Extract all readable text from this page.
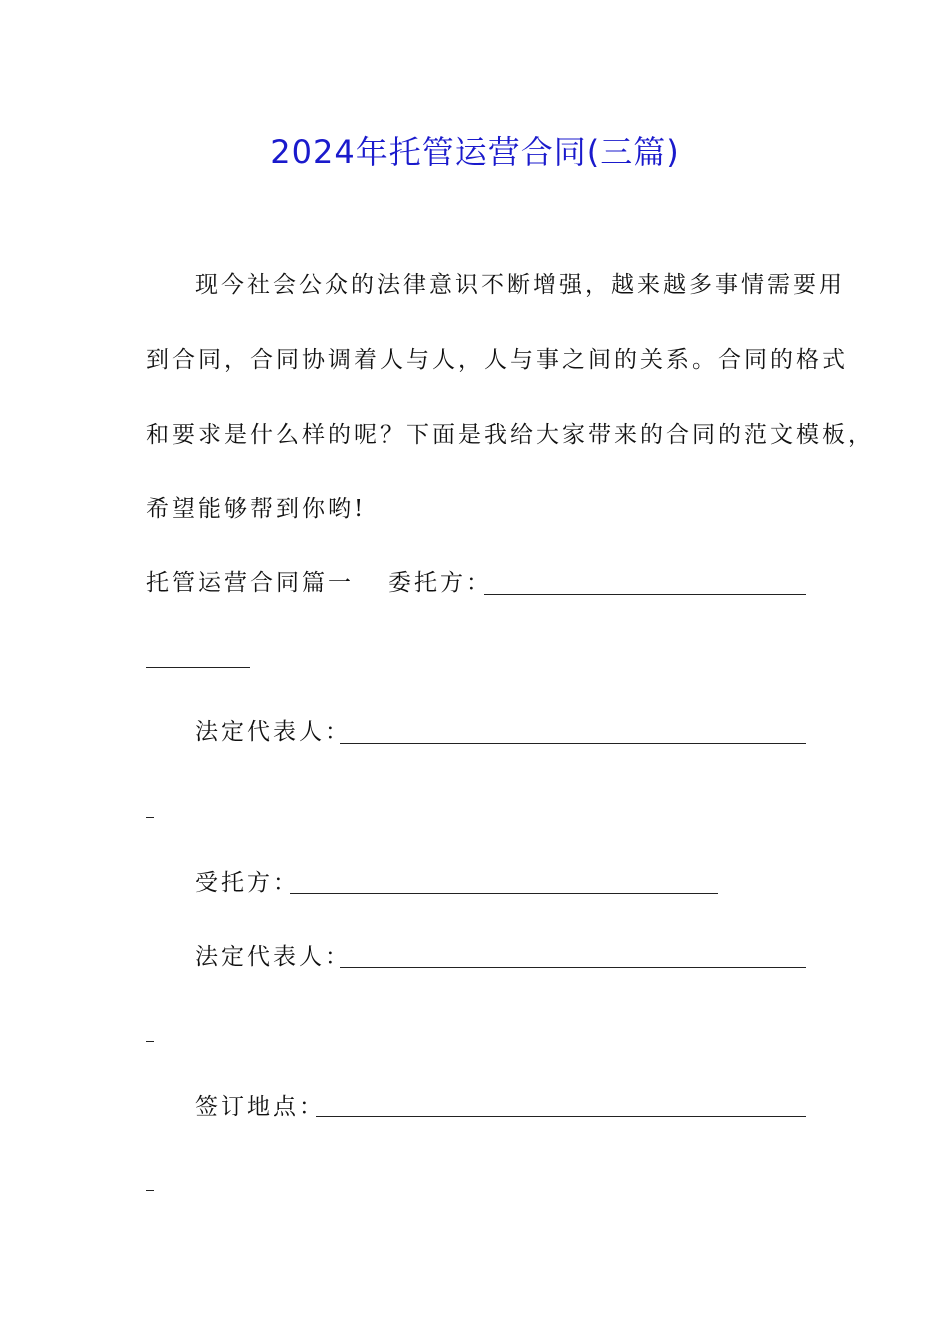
2024年托管运营合同(三篇)
现今社会公众的法律意识不断增强，越来越多事情需要用
到合同，合同协调着人与人，人与事之间的关系。合同的格式
和要求是什么样的呢？下面是我给大家带来的合同的范文模板，
希望能够帮到你哟!
托管运营合同篇一 委托方：
法定代表人：
受托方：
法定代表人：
签订地点：
